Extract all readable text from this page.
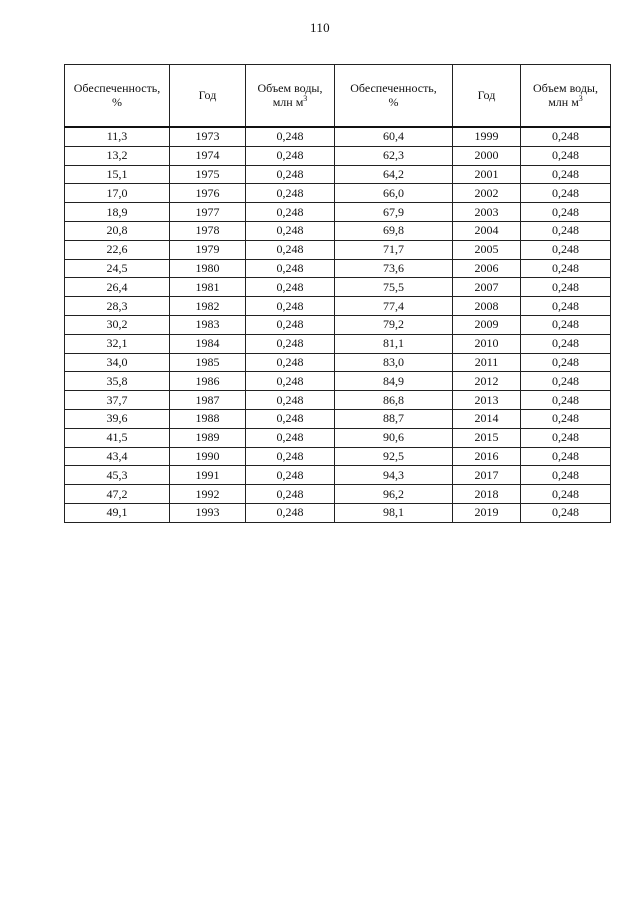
110
Обеспеченность,
%	Год	Объем воды,
млн $м^3$	Обеспеченность,
%	Год	Объем воды,
млн $м^3$
11,3	1973	0,248	60,4	1999	0,248
13,2	1974	0,248	62,3	2000	0,248
15,1	1975	0,248	64,2	2001	0,248
17,0	1976	0,248	66,0	2002	0,248
18,9	1977	0,248	67,9	2003	0,248
20,8	1978	0,248	69,8	2004	0,248
22,6	1979	0,248	71,7	2005	0,248
24,5	1980	0,248	73,6	2006	0,248
26,4	1981	0,248	75,5	2007	0,248
28,3	1982	0,248	77,4	2008	0,248
30,2	1983	0,248	79,2	2009	0,248
32,1	1984	0,248	81,1	2010	0,248
34,0	1985	0,248	83,0	2011	0,248
35,8	1986	0,248	84,9	2012	0,248
37,7	1987	0,248	86,8	2013	0,248
39,6	1988	0,248	88,7	2014	0,248
41,5	1989	0,248	90,6	2015	0,248
43,4	1990	0,248	92,5	2016	0,248
45,3	1991	0,248	94,3	2017	0,248
47,2	1992	0,248	96,2	2018	0,248
49,1	1993	0,248	98,1	2019	0,248
